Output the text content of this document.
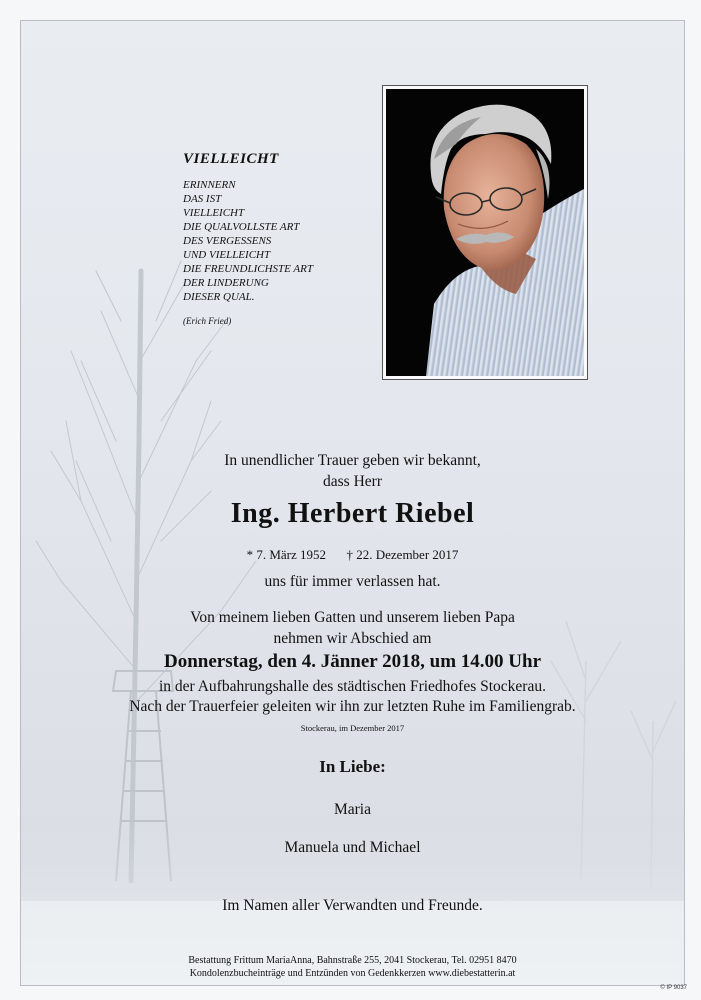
VIELLEICHT
ERINNERN
DAS IST
VIELLEICHT
DIE QUALVOLLSTE ART
DES VERGESSENS
UND VIELLEICHT
DIE FREUNDLICHSTE ART
DER LINDERUNG
DIESER QUAL.
(Erich Fried)
In unendlicher Trauer geben wir bekannt,
dass Herr
Ing. Herbert Riebel
* 7. März 1952 † 22. Dezember 2017
uns für immer verlassen hat.
Von meinem lieben Gatten und unserem lieben Papa
nehmen wir Abschied am
Donnerstag, den 4. Jänner 2018, um 14.00 Uhr
in der Aufbahrungshalle des städtischen Friedhofes Stockerau.
Nach der Trauerfeier geleiten wir ihn zur letzten Ruhe im Familiengrab.
Stockerau, im Dezember 2017
In Liebe:
Maria
Manuela und Michael
Im Namen aller Verwandten und Freunde.
Bestattung Frittum MariaAnna, Bahnstraße 255, 2041 Stockerau, Tel. 02951 8470
Kondolenzbucheinträge und Entzünden von Gedenkkerzen www.diebestatterin.at
© IP 9037
